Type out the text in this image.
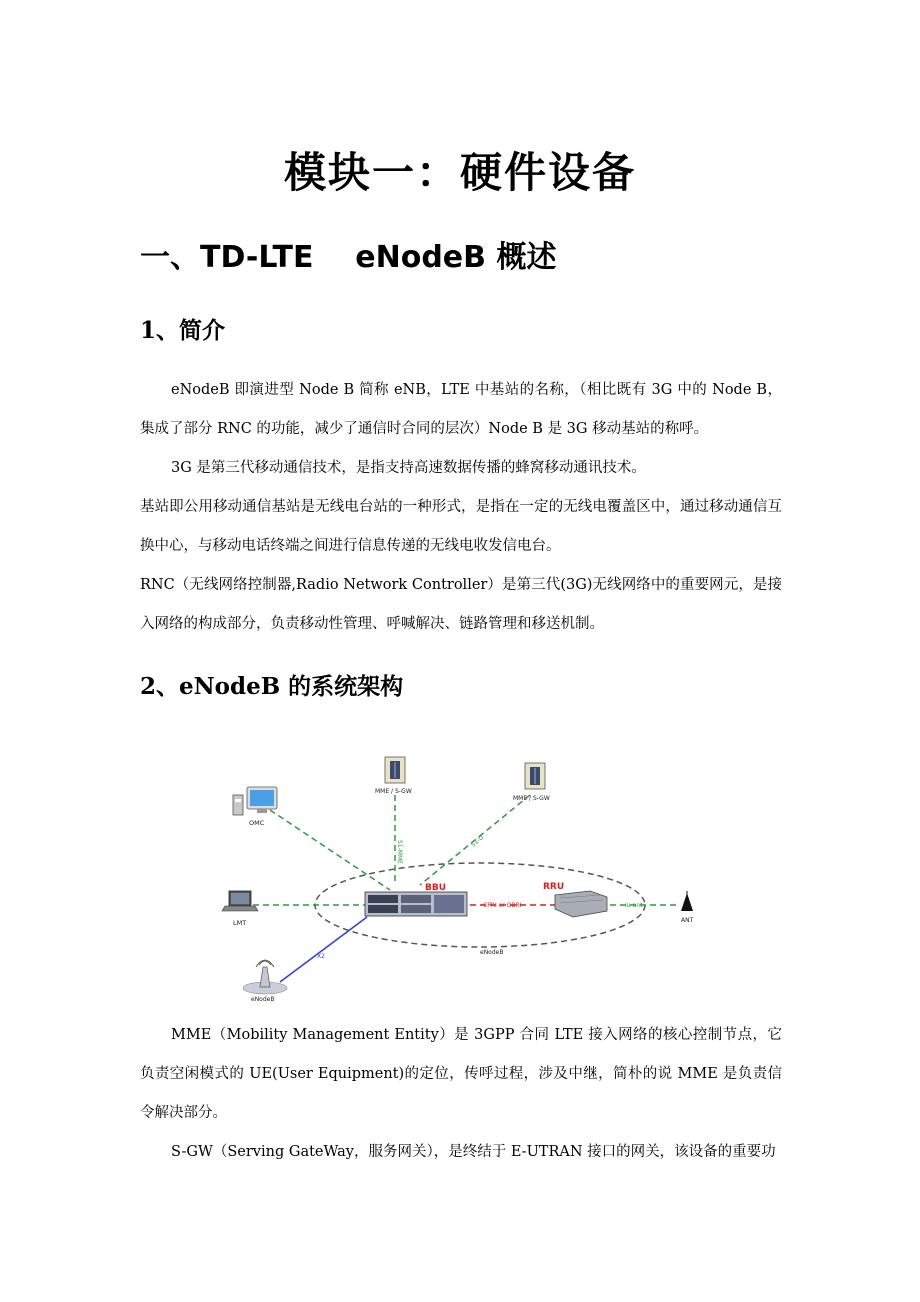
模块一：硬件设备
一、TD-LTE    eNodeB 概述
1、简介

eNodeB 即演进型 Node B 简称 eNB，LTE 中基站的名称，（相比既有 3G 中的 Node B，集成了部分 RNC 的功能，减少了通信时合同的层次）Node B 是 3G 移动基站的称呼。

3G 是第三代移动通信技术，是指支持高速数据传播的蜂窝移动通讯技术。

基站即公用移动通信基站是无线电台站的一种形式，是指在一定的无线电覆盖区中，通过移动通信互换中心，与移动电话终端之间进行信息传递的无线电收发信电台。

RNC（无线网络控制器,Radio Network Controller）是第三代(3G)无线网络中的重要网元，是接入网络的构成部分，负责移动性管理、呼喊解决、链路管理和移送机制。

2、eNodeB 的系统架构
S1-MME	S1-U
CPRI or OBRI	Iu-ant
X2
OMC
MME / S-GW
MME / S-GW
LMT
BBU	RRU
ANT
eNodeB
eNodeB

MME（Mobility Management Entity）是 3GPP 合同 LTE 接入网络的核心控制节点，它负责空闲模式的 UE(User Equipment)的定位，传呼过程，涉及中继，简朴的说 MME 是负责信令解决部分。

S-GW（Serving GateWay，服务网关），是终结于 E-UTRAN 接口的网关，该设备的重要功
